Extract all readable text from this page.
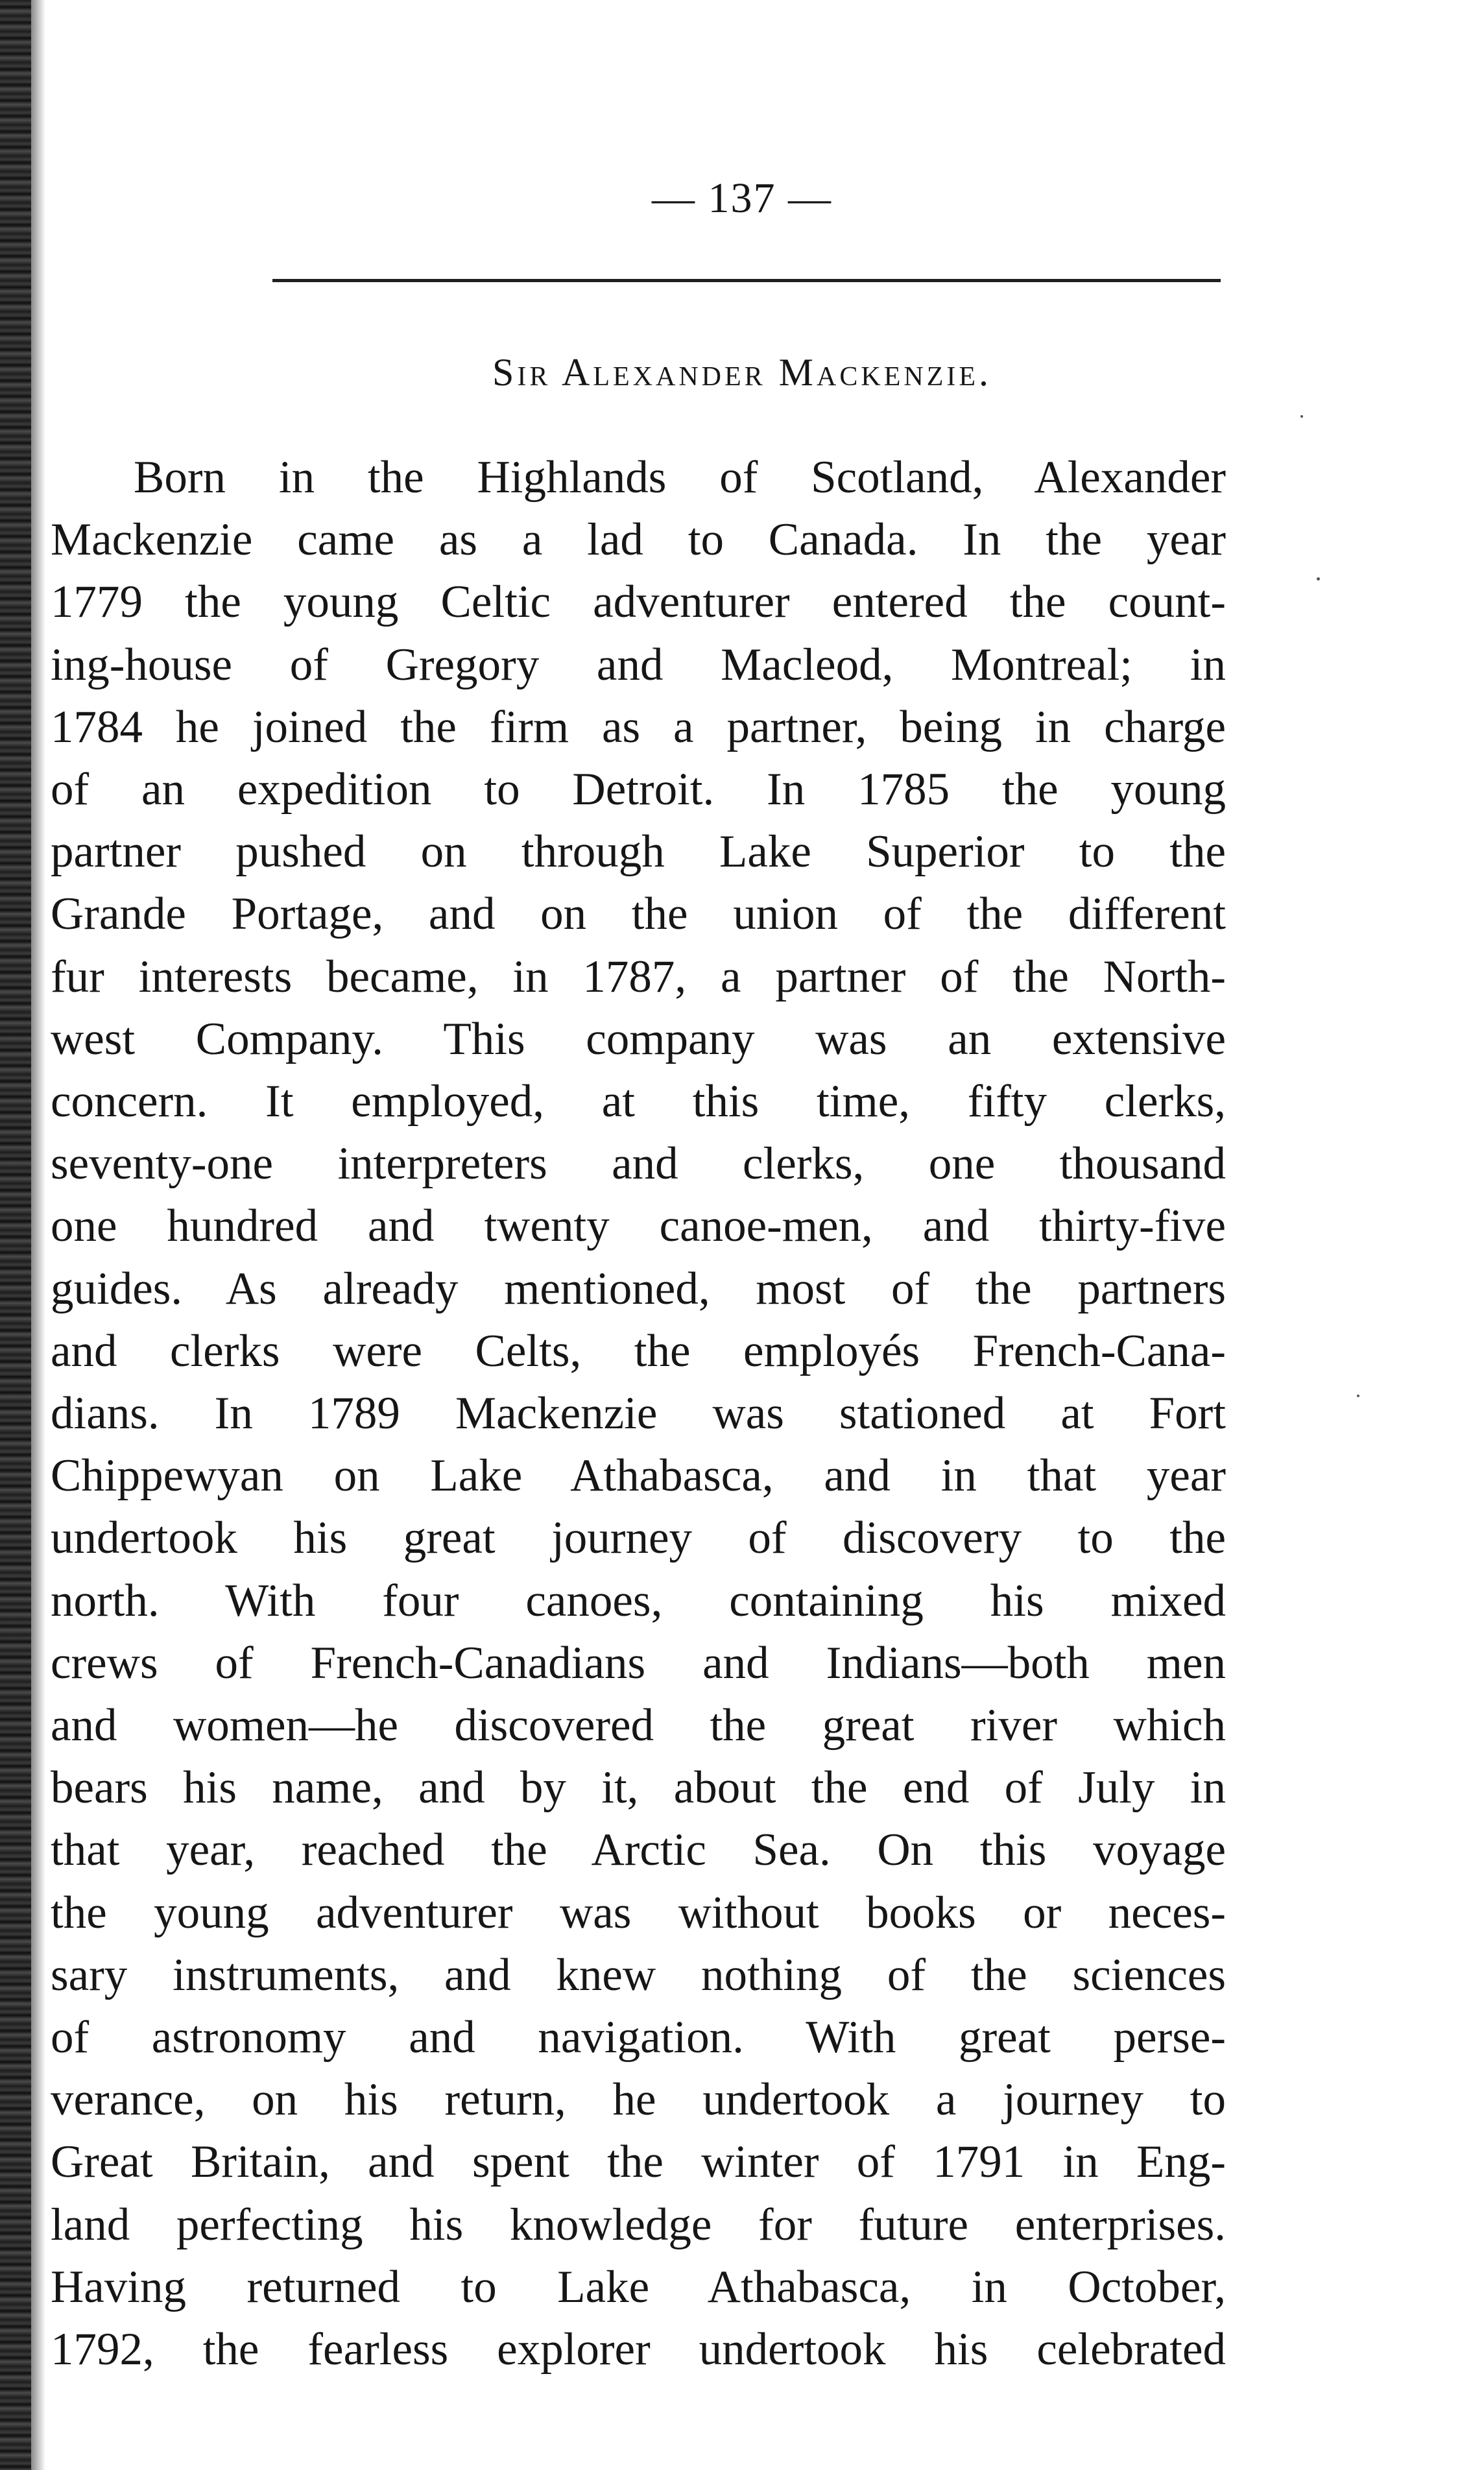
— 137 —
Sir Alexander Mackenzie.

Born in the Highlands of Scotland, Alexander
Mackenzie came as a lad to Canada. In the year
1779 the young Celtic adventurer entered the count-
ing-house of Gregory and Macleod, Montreal; in
1784 he joined the firm as a partner, being in charge
of an expedition to Detroit. In 1785 the young
partner pushed on through Lake Superior to the
Grande Portage, and on the union of the different
fur interests became, in 1787, a partner of the North-
west Company. This company was an extensive
concern. It employed, at this time, fifty clerks,
seventy-one interpreters and clerks, one thousand
one hundred and twenty canoe-men, and thirty-five
guides. As already mentioned, most of the partners
and clerks were Celts, the employés French-Cana-
dians. In 1789 Mackenzie was stationed at Fort
Chippewyan on Lake Athabasca, and in that year
undertook his great journey of discovery to the
north. With four canoes, containing his mixed
crews of French-Canadians and Indians—both men
and women—he discovered the great river which
bears his name, and by it, about the end of July in
that year, reached the Arctic Sea. On this voyage
the young adventurer was without books or neces-
sary instruments, and knew nothing of the sciences
of astronomy and navigation. With great perse-
verance, on his return, he undertook a journey to
Great Britain, and spent the winter of 1791 in Eng-
land perfecting his knowledge for future enterprises.
Having returned to Lake Athabasca, in October,
1792, the fearless explorer undertook his celebrated
